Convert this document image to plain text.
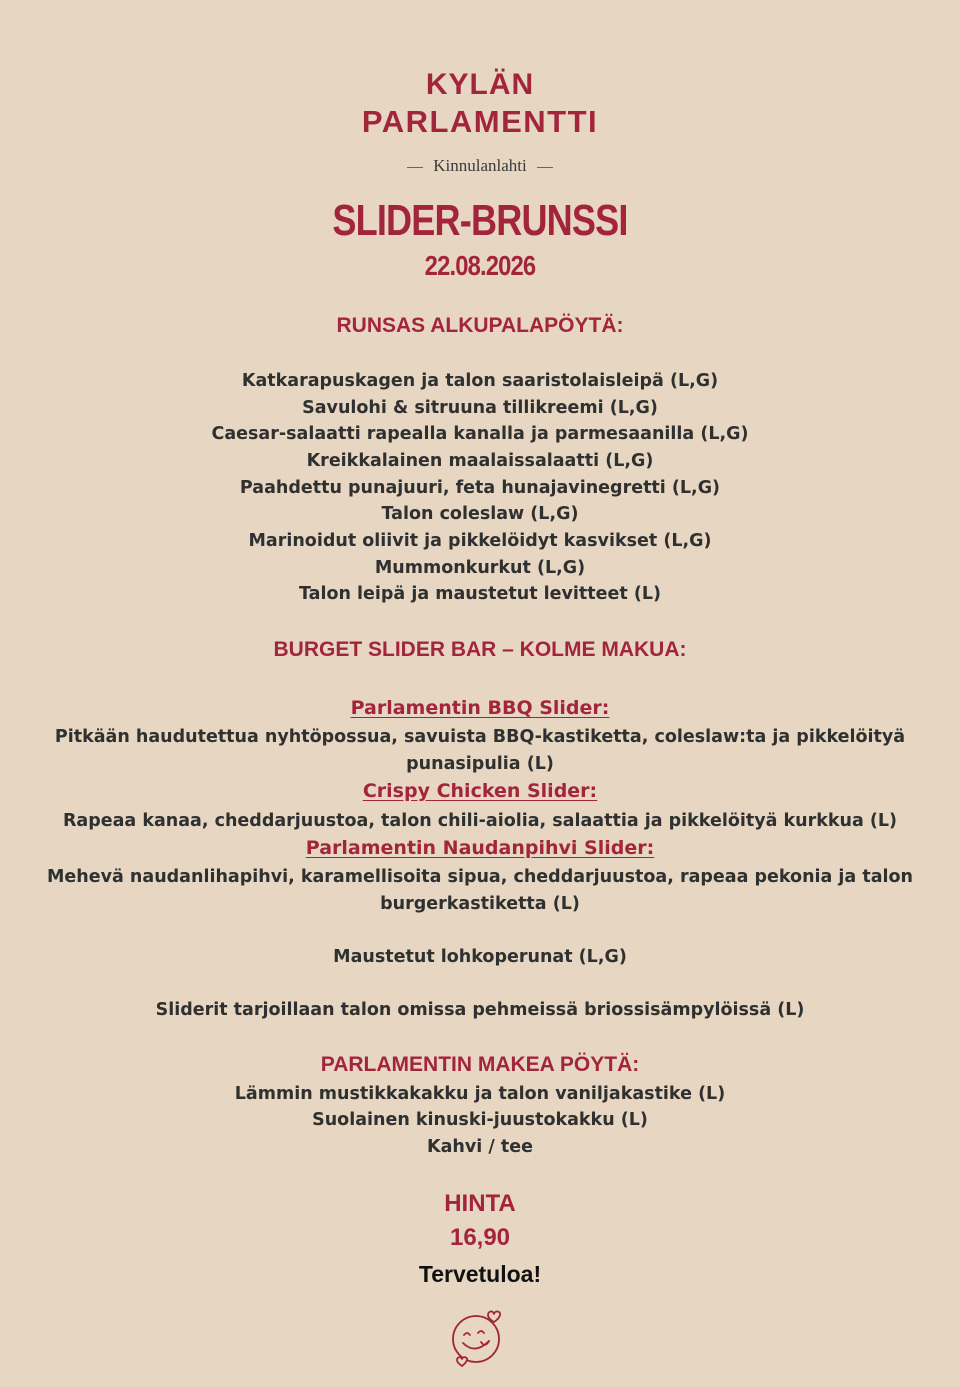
KYLÄN
PARLAMENTTI
Kinnulanlahti
SLIDER-BRUNSSI
22.08.2026
RUNSAS ALKUPALAPÖYTÄ:
Katkarapuskagen ja talon saaristolaisleipä (L,G)
Savulohi & sitruuna tillikreemi (L,G)
Caesar-salaatti rapealla kanalla ja parmesaanilla (L,G)
Kreikkalainen maalaissalaatti (L,G)
Paahdettu punajuuri, feta hunajavinegretti (L,G)
Talon coleslaw (L,G)
Marinoidut oliivit ja pikkelöidyt kasvikset (L,G)
Mummonkurkut (L,G)
Talon leipä ja maustetut levitteet (L)
BURGET SLIDER BAR – KOLME MAKUA:
Parlamentin BBQ Slider:
Pitkään haudutettua nyhtöpossua, savuista BBQ-kastiketta, coleslaw:ta ja pikkelöityä punasipulia (L)
Crispy Chicken Slider:
Rapeaa kanaa, cheddarjuustoa, talon chili-aiolia, salaattia ja pikkelöityä kurkkua (L)
Parlamentin Naudanpihvi Slider:
Mehevä naudanlihapihvi, karamellisoita sipua, cheddarjuustoa, rapeaa pekonia ja talon burgerkastiketta (L)
Maustetut lohkoperunat (L,G)
Sliderit tarjoillaan talon omissa pehmeissä briossisämpylöissä (L)
PARLAMENTIN MAKEA PÖYTÄ:
Lämmin mustikkakakku ja talon vaniljakastike (L)
Suolainen kinuski-juustokakku (L)
Kahvi / tee
HINTA
16,90
Tervetuloa!
